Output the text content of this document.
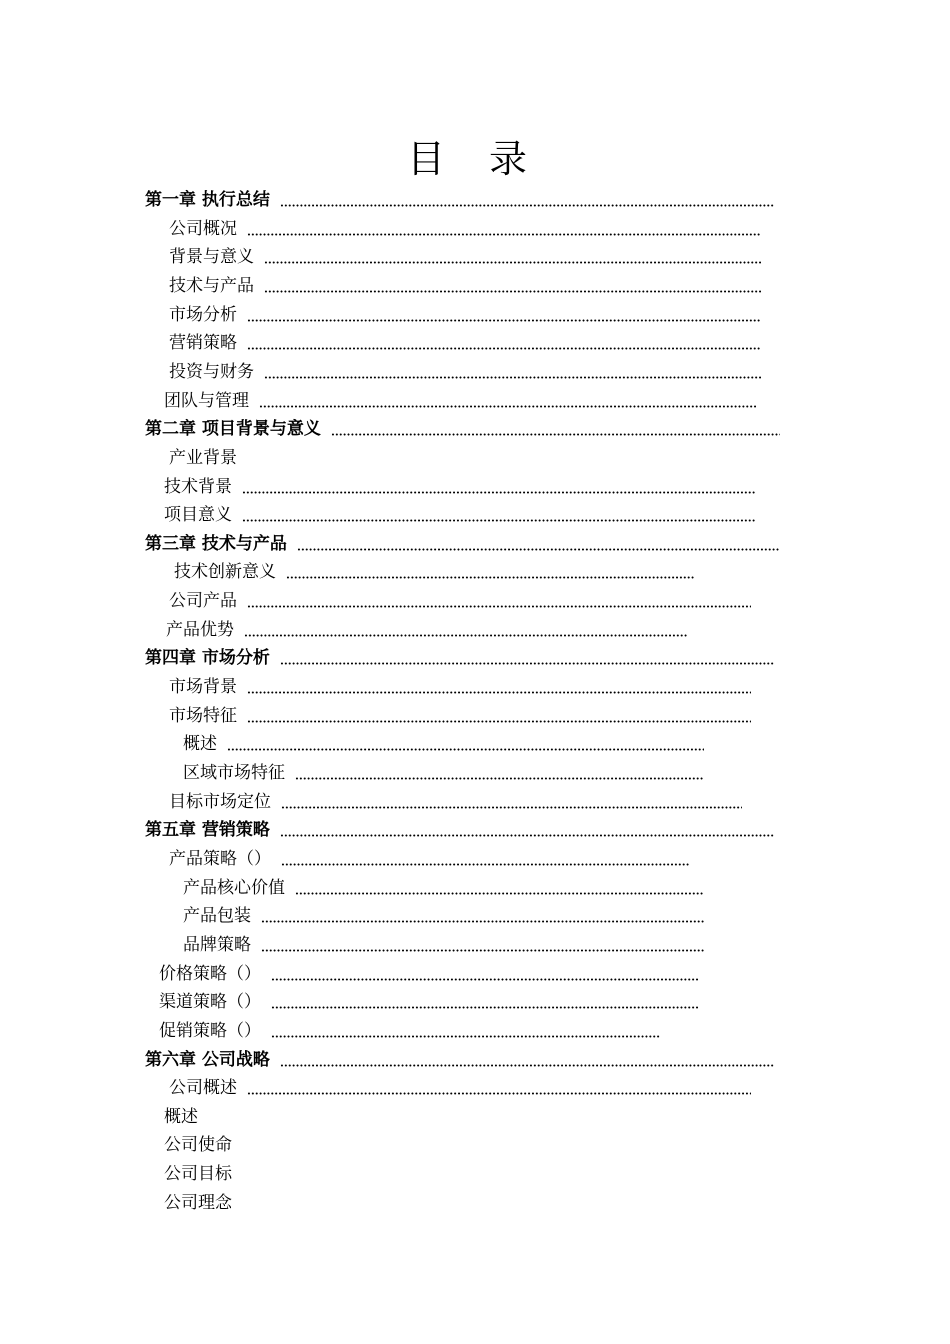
目 录
第一章 执行总结
公司概况
背景与意义
技术与产品
市场分析
营销策略
投资与财务
团队与管理
第二章 项目背景与意义
产业背景
技术背景
项目意义
第三章 技术与产品
技术创新意义
公司产品
产品优势
第四章 市场分析
市场背景
市场特征
概述
区域市场特征
目标市场定位
第五章 营销策略
产品策略（）
产品核心价值
产品包装
品牌策略
价格策略（）
渠道策略（）
促销策略（）
第六章 公司战略
公司概述
概述
公司使命
公司目标
公司理念
